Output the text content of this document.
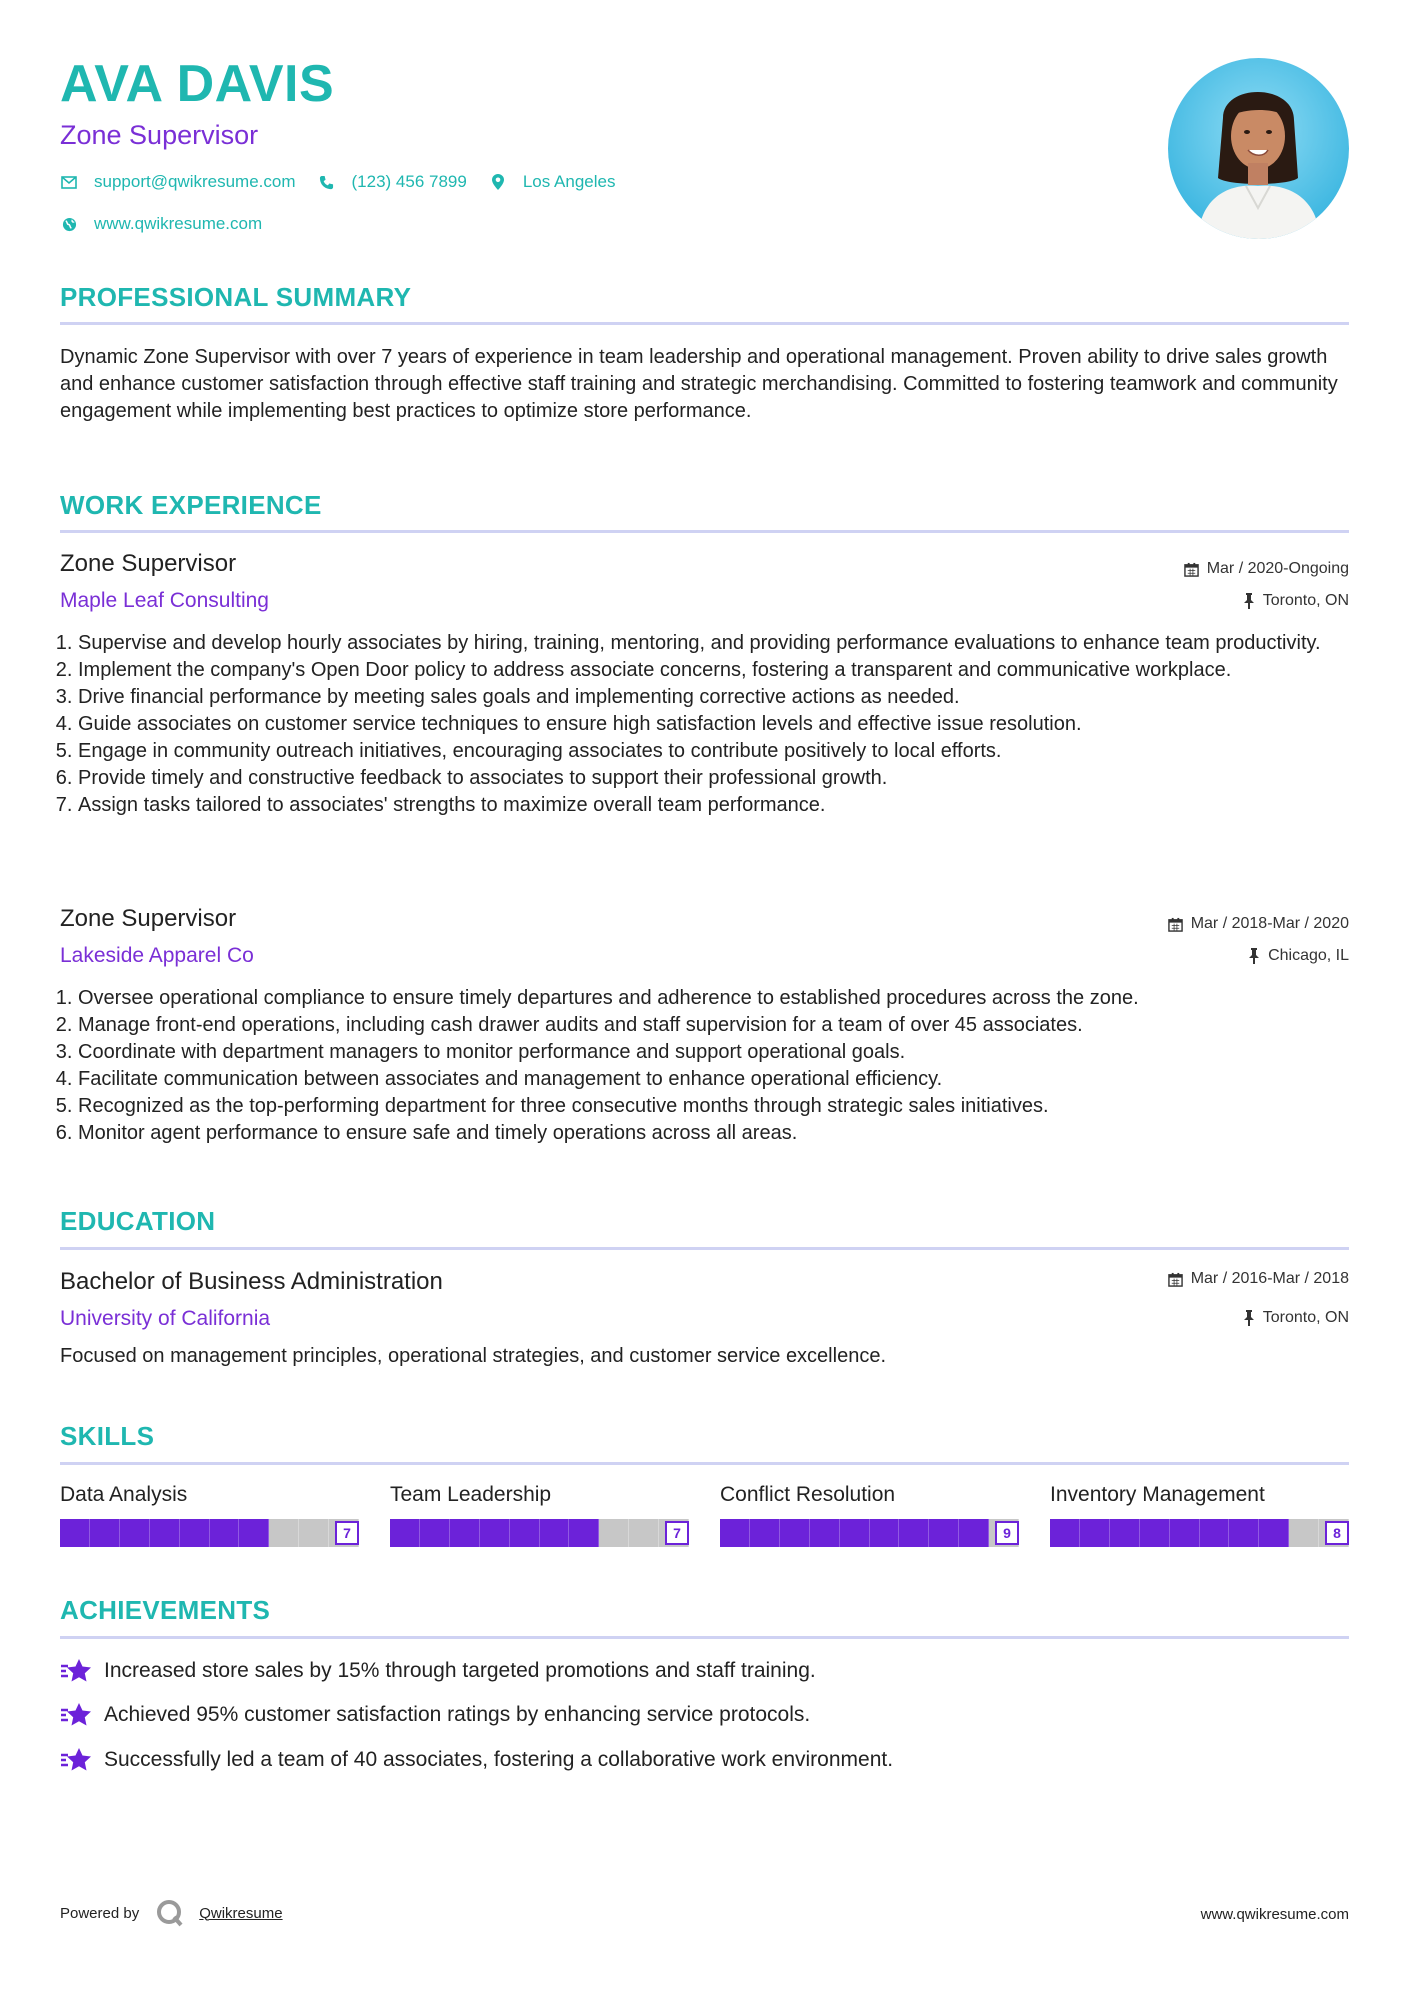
AVA DAVIS
Zone Supervisor
support@qwikresume.com	(123) 456 7899	Los Angeles
www.qwikresume.com
PROFESSIONAL SUMMARY
Dynamic Zone Supervisor with over 7 years of experience in team leadership and operational management. Proven ability to drive sales growth and enhance customer satisfaction through effective staff training and strategic merchandising. Committed to fostering teamwork and community engagement while implementing best practices to optimize store performance.
WORK EXPERIENCE
Zone Supervisor
Maple Leaf Consulting
Mar / 2020-Ongoing
Toronto, ON
1. Supervise and develop hourly associates by hiring, training, mentoring, and providing performance evaluations to enhance team productivity.
2. Implement the company's Open Door policy to address associate concerns, fostering a transparent and communicative workplace.
3. Drive financial performance by meeting sales goals and implementing corrective actions as needed.
4. Guide associates on customer service techniques to ensure high satisfaction levels and effective issue resolution.
5. Engage in community outreach initiatives, encouraging associates to contribute positively to local efforts.
6. Provide timely and constructive feedback to associates to support their professional growth.
7. Assign tasks tailored to associates' strengths to maximize overall team performance.
Zone Supervisor
Lakeside Apparel Co
Mar / 2018-Mar / 2020
Chicago, IL
1. Oversee operational compliance to ensure timely departures and adherence to established procedures across the zone.
2. Manage front-end operations, including cash drawer audits and staff supervision for a team of over 45 associates.
3. Coordinate with department managers to monitor performance and support operational goals.
4. Facilitate communication between associates and management to enhance operational efficiency.
5. Recognized as the top-performing department for three consecutive months through strategic sales initiatives.
6. Monitor agent performance to ensure safe and timely operations across all areas.
EDUCATION
Bachelor of Business Administration
University of California
Mar / 2016-Mar / 2018
Toronto, ON
Focused on management principles, operational strategies, and customer service excellence.
SKILLS
Data Analysis
7
Team Leadership
7
Conflict Resolution
9
Inventory Management
8
ACHIEVEMENTS
Increased store sales by 15% through targeted promotions and staff training.
Achieved 95% customer satisfaction ratings by enhancing service protocols.
Successfully led a team of 40 associates, fostering a collaborative work environment.
Powered by	Qwikresume	www.qwikresume.com
